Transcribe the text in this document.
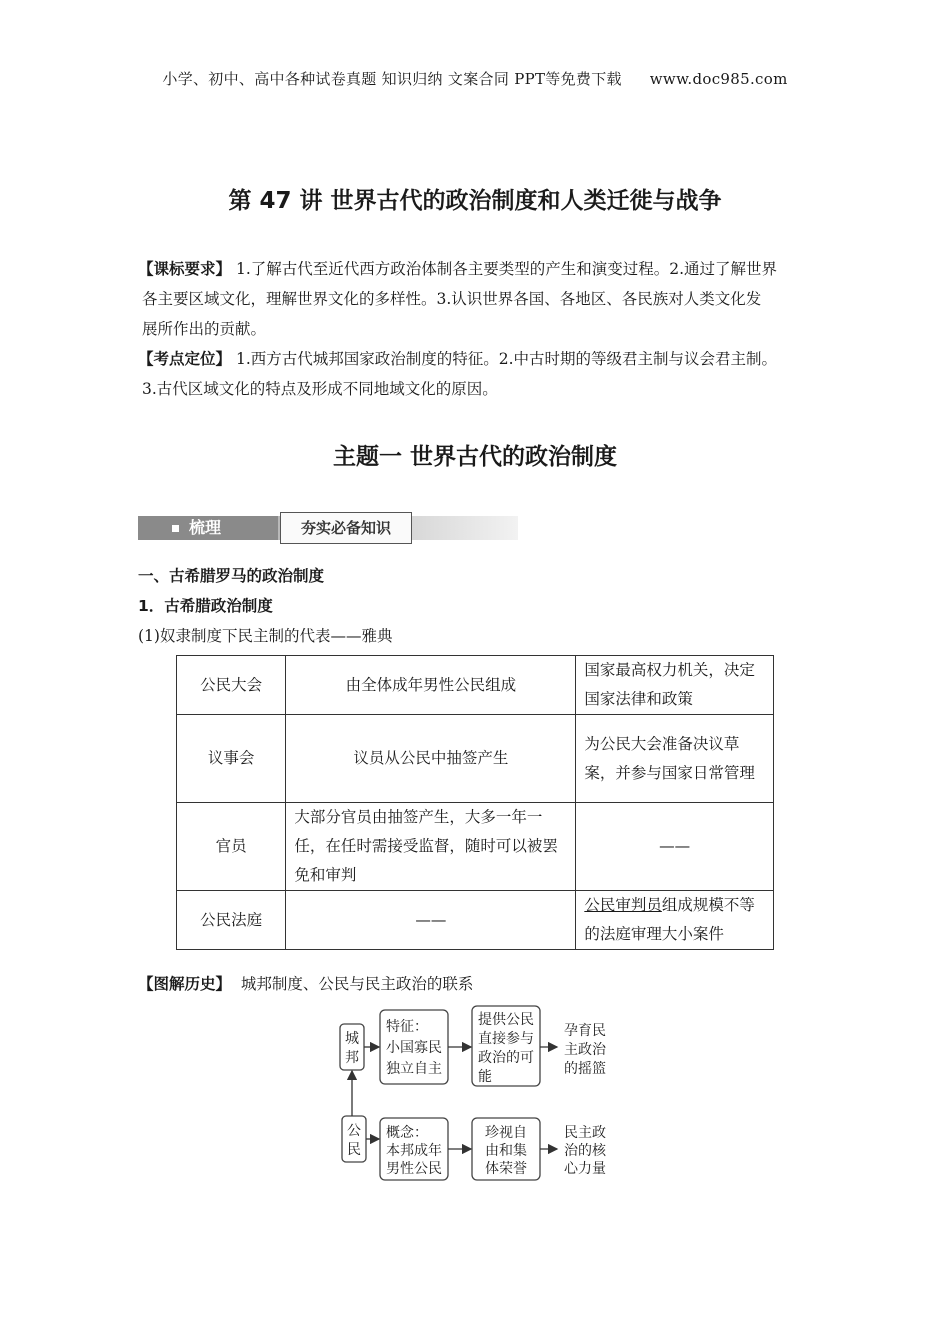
小学、初中、高中各种试卷真题 知识归纳 文案合同 PPT等免费下载 www.doc985.com
第 47 讲 世界古代的政治制度和人类迁徙与战争
【课标要求】 1.了解古代至近代西方政治体制各主要类型的产生和演变过程。2.通过了解世界
各主要区域文化，理解世界文化的多样性。3.认识世界各国、各地区、各民族对人类文化发
展所作出的贡献。
【考点定位】 1.西方古代城邦国家政治制度的特征。2.中古时期的等级君主制与议会君主制。
3.古代区域文化的特点及形成不同地域文化的原因。
主题一 世界古代的政治制度
梳理	夯实必备知识
一、古希腊罗马的政治制度
1．古希腊政治制度
(1)奴隶制度下民主制的代表——雅典
公民大会	由全体成年男性公民组成	国家最高权力机关，决定国家法律和政策
议事会	议员从公民中抽签产生	为公民大会准备决议草案，并参与国家日常管理
官员	大部分官员由抽签产生，大多一年一任，在任时需接受监督，随时可以被罢免和审判	——
公民法庭	——	公民审判员组成规模不等的法庭审理大小案件
【图解历史】 城邦制度、公民与民主政治的联系
城
邦
特征：
小国寡民
独立自主
提供公民
直接参与
政治的可
能
孕育民
主政治
的摇篮
公
民
概念：
本邦成年
男性公民
珍视自
由和集
体荣誉
民主政
治的核
心力量
